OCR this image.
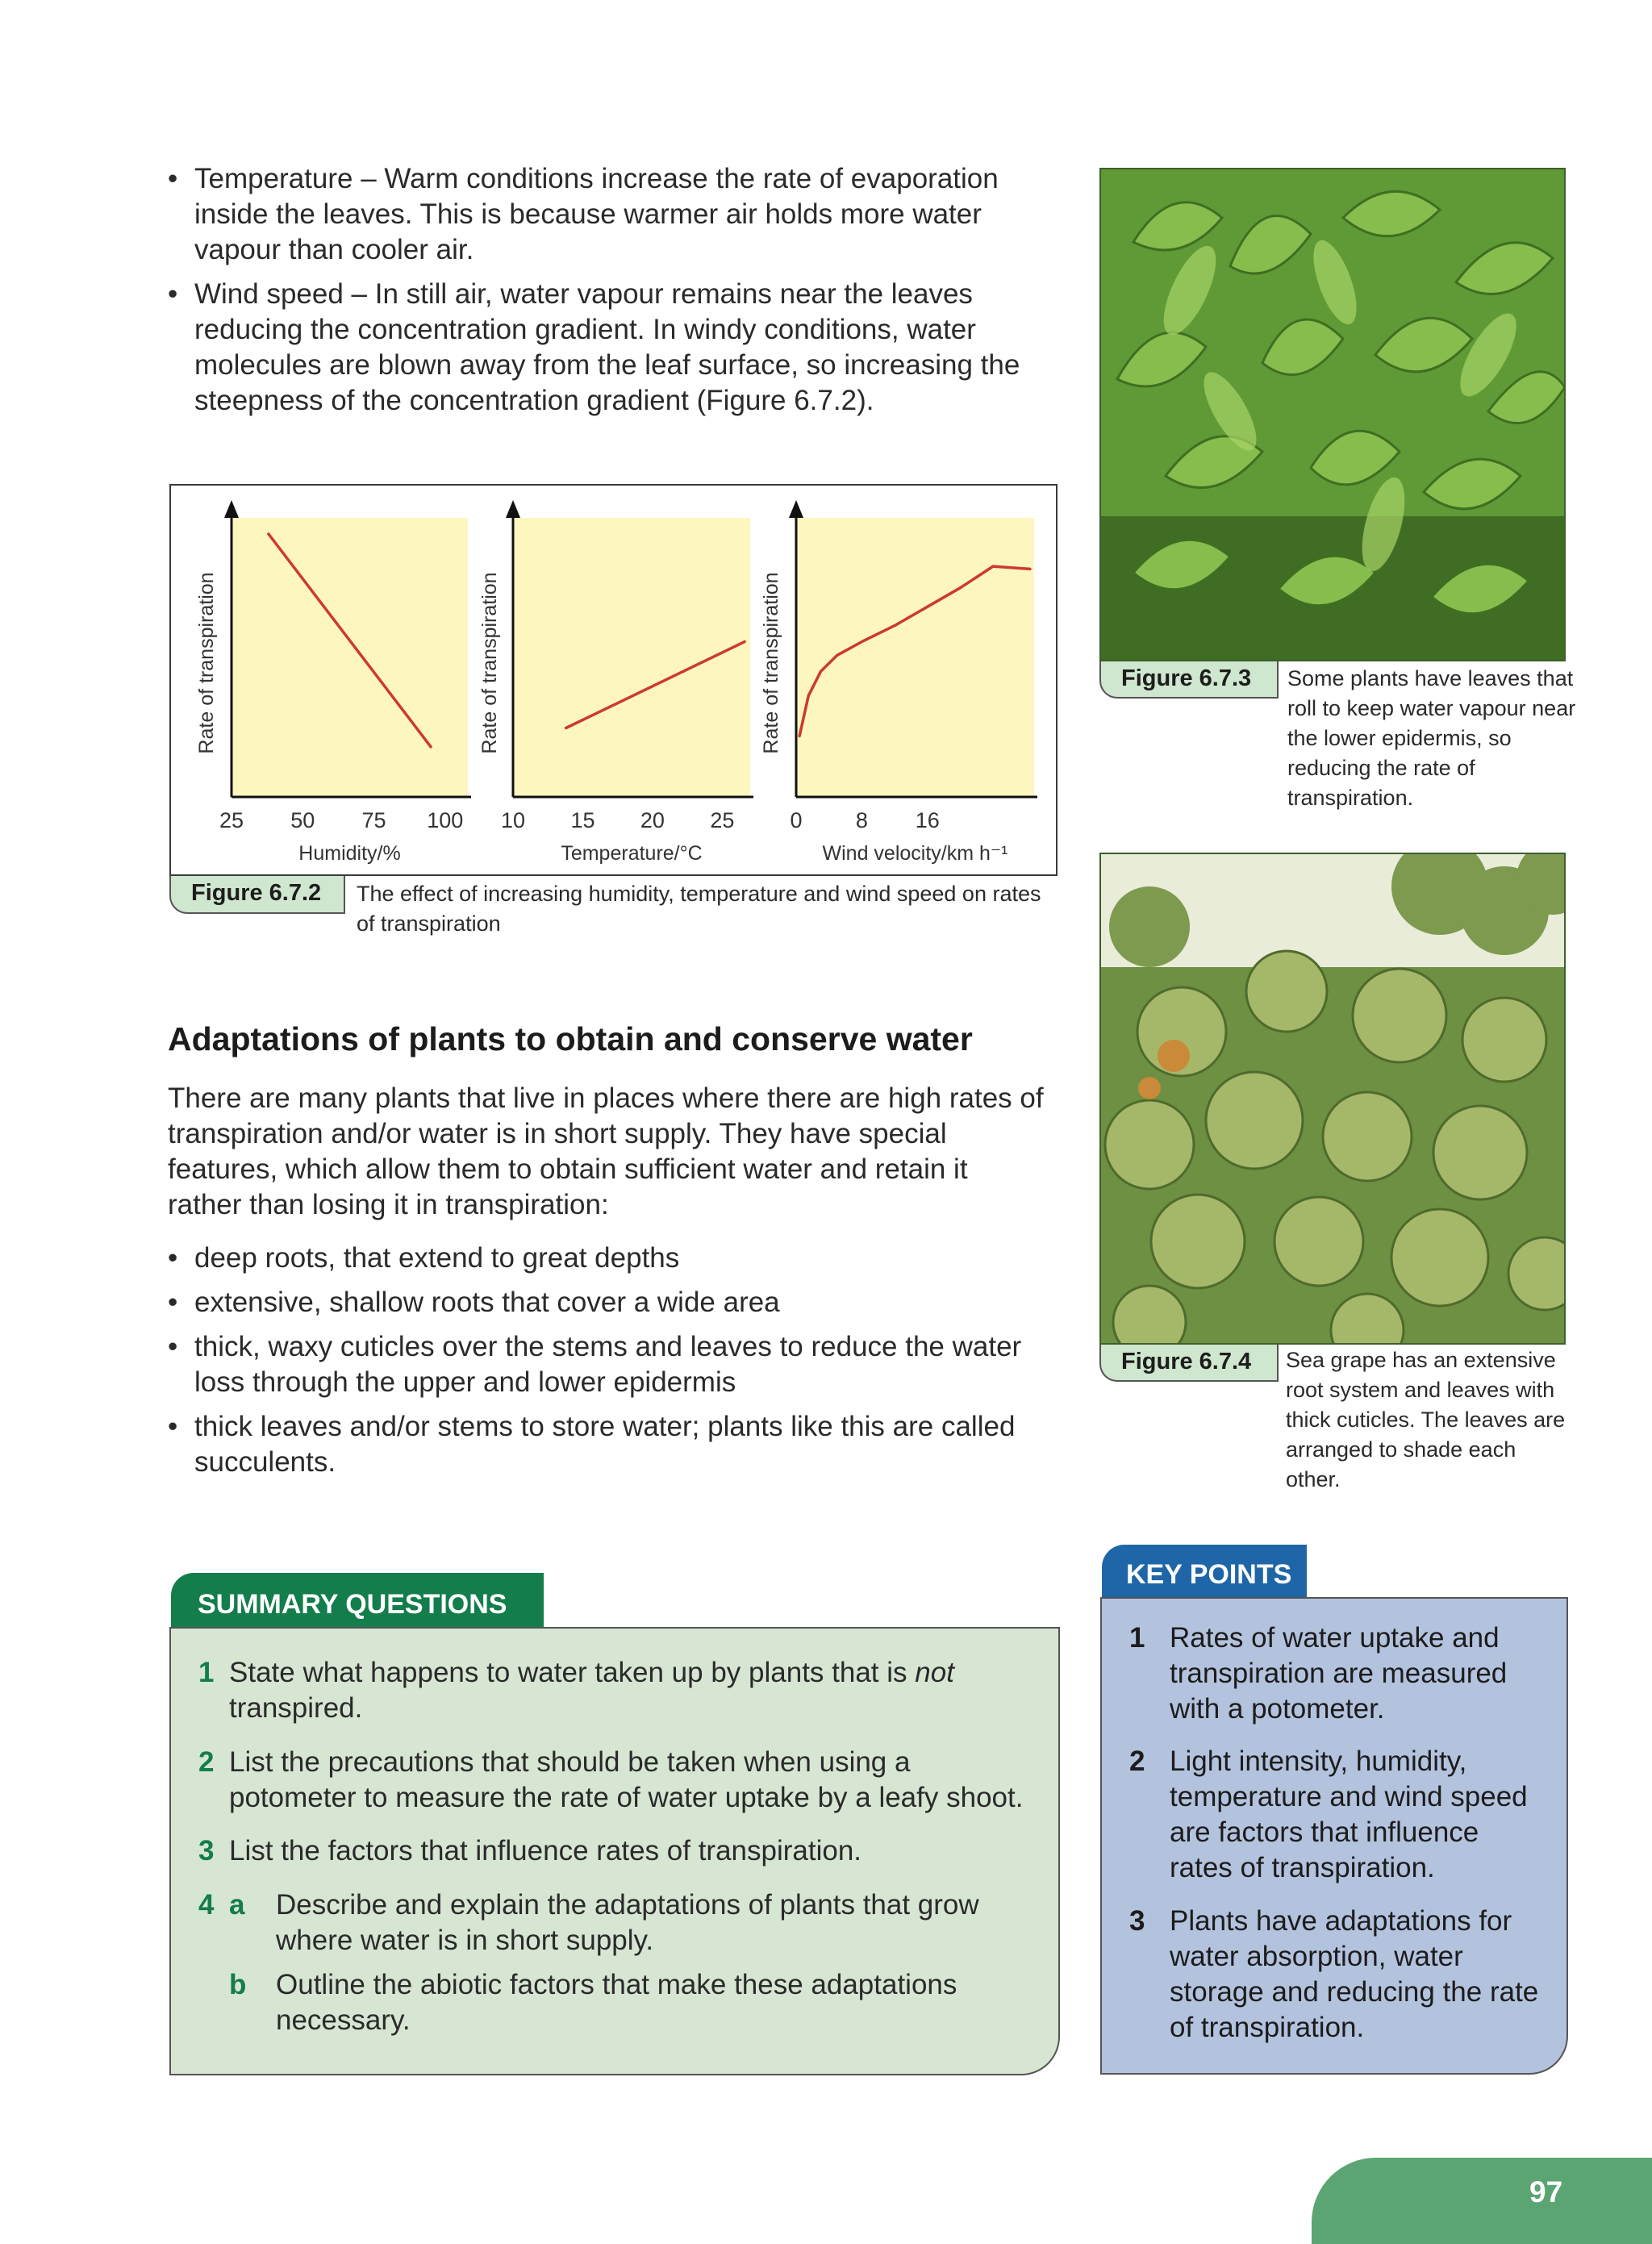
• Temperature – Warm conditions increase the rate of evaporation inside the leaves. This is because warmer air holds more water vapour than cooler air.
• Wind speed – In still air, water vapour remains near the leaves reducing the concentration gradient. In windy conditions, water molecules are blown away from the leaf surface, so increasing the steepness of the concentration gradient (Figure 6.7.2).
25 50 75 100
Humidity/%
Rate of transpiration
10 15 20 25
Temperature/°C
Rate of transpiration
0 8 16
Wind velocity/km h⁻¹
Rate of transpiration
Figure 6.7.2	The effect of increasing humidity, temperature and wind speed on rates of transpiration
Adaptations of plants to obtain and conserve water

There are many plants that live in places where there are high rates of transpiration and/or water is in short supply. They have special features, which allow them to obtain sufficient water and retain it rather than losing it in transpiration:

• deep roots, that extend to great depths
• extensive, shallow roots that cover a wide area
• thick, waxy cuticles over the stems and leaves to reduce the water loss through the upper and lower epidermis
• thick leaves and/or stems to store water; plants like this are called succulents.
Figure 6.7.3	Some plants have leaves that roll to keep water vapour near the lower epidermis, so reducing the rate of transpiration.
Figure 6.7.4	Sea grape has an extensive root system and leaves with thick cuticles. The leaves are arranged to shade each other.
SUMMARY QUESTIONS
1 State what happens to water taken up by plants that is not transpired.
2 List the precautions that should be taken when using a potometer to measure the rate of water uptake by a leafy shoot.
3 List the factors that influence rates of transpiration.
4 a Describe and explain the adaptations of plants that grow where water is in short supply.
b Outline the abiotic factors that make these adaptations necessary.
KEY POINTS
1 Rates of water uptake and transpiration are measured with a potometer.
2 Light intensity, humidity, temperature and wind speed are factors that influence rates of transpiration.
3 Plants have adaptations for water absorption, water storage and reducing the rate of transpiration.
97
